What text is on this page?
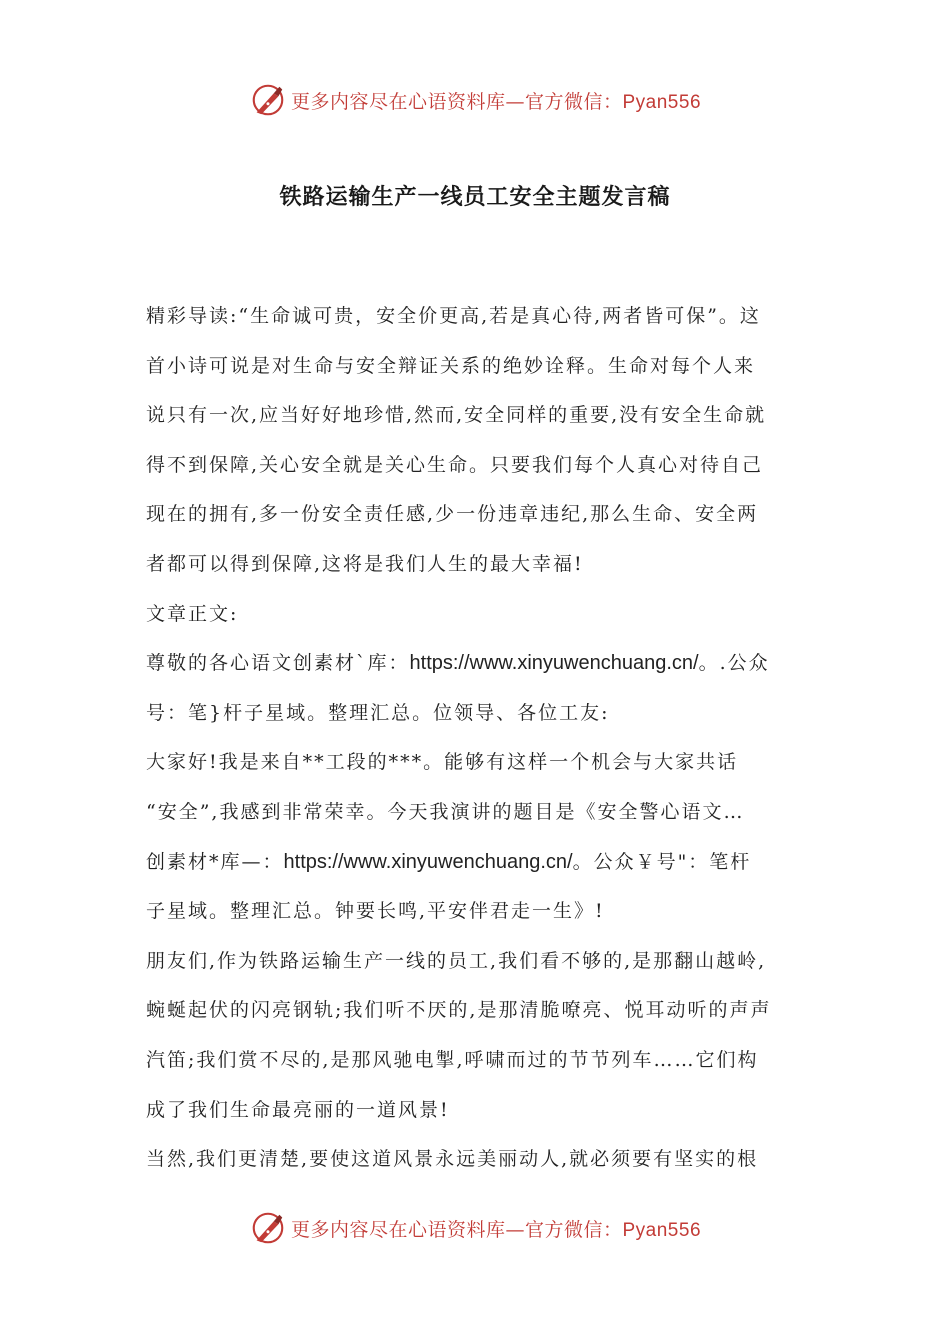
更多内容尽在心语资料库—官方微信：Pyan556
铁路运输生产一线员工安全主题发言稿
精彩导读:“生命诚可贵，安全价更高,若是真心待,两者皆可保”。这
首小诗可说是对生命与安全辩证关系的绝妙诠释。生命对每个人来
说只有一次,应当好好地珍惜,然而,安全同样的重要,没有安全生命就
得不到保障,关心安全就是关心生命。只要我们每个人真心对待自己
现在的拥有,多一份安全责任感,少一份违章违纪,那么生命、安全两
者都可以得到保障,这将是我们人生的最大幸福!
文章正文:
尊敬的各心语文创素材`库：https://www.xinyuwenchuang.cn/。.公众
号：笔}杆子星域。整理汇总。位领导、各位工友:
大家好!我是来自**工段的***。能够有这样一个机会与大家共话
“安全”,我感到非常荣幸。今天我演讲的题目是《安全警心语文…
创素材*库—：https://www.xinyuwenchuang.cn/。公众￥号"：笔杆
子星域。整理汇总。钟要长鸣,平安伴君走一生》!
朋友们,作为铁路运输生产一线的员工,我们看不够的,是那翻山越岭,
蜿蜒起伏的闪亮钢轨;我们听不厌的,是那清脆嘹亮、悦耳动听的声声
汽笛;我们赏不尽的,是那风驰电掣,呼啸而过的节节列车……它们构
成了我们生命最亮丽的一道风景!
当然,我们更清楚,要使这道风景永远美丽动人,就必须要有坚实的根
更多内容尽在心语资料库—官方微信：Pyan556
